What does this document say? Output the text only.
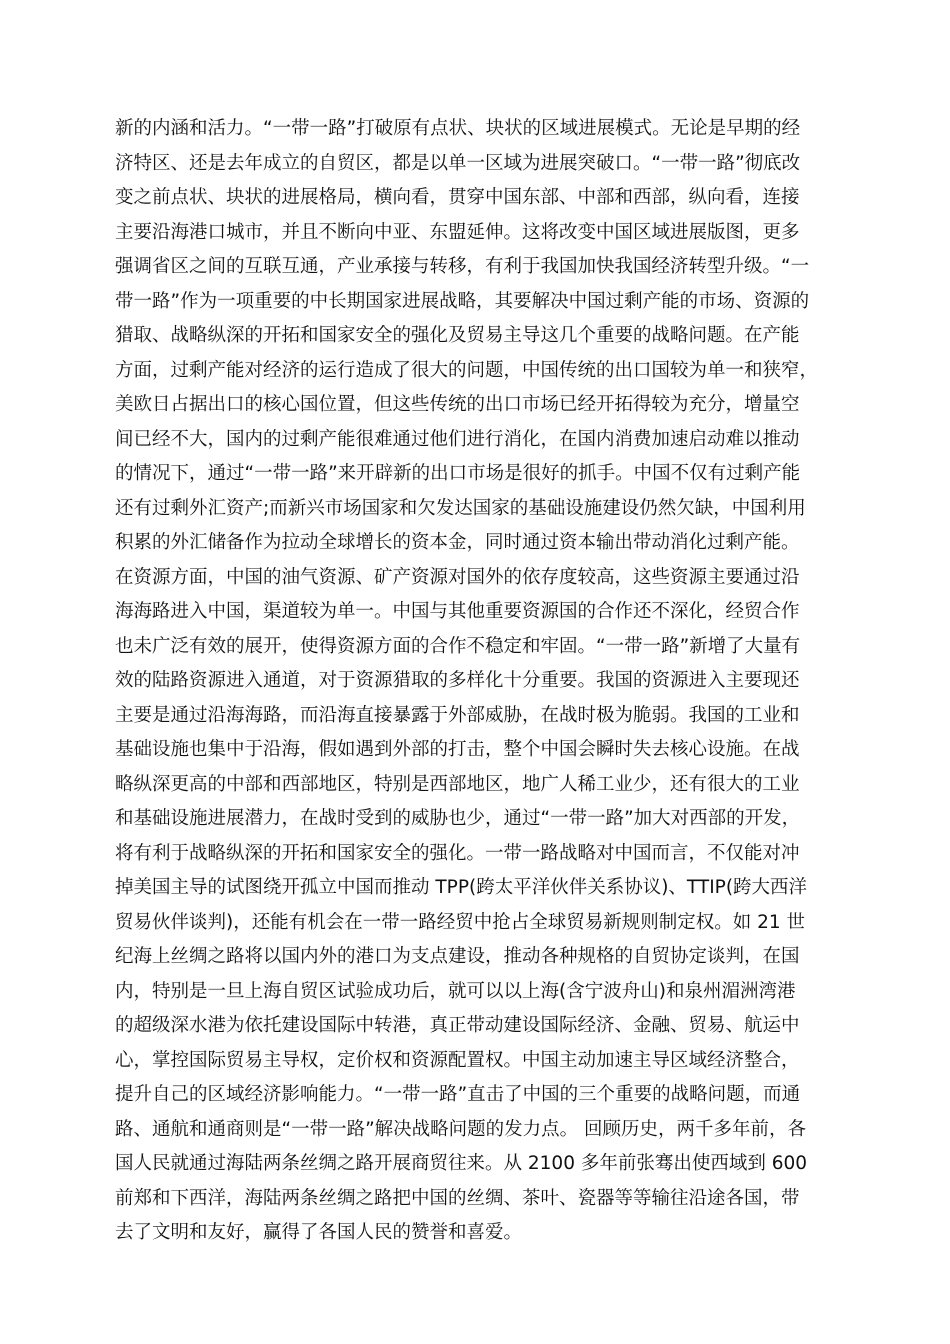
新的内涵和活力。“一带一路”打破原有点状、块状的区域进展模式。无论是早期的经
济特区、还是去年成立的自贸区，都是以单一区域为进展突破口。“一带一路”彻底改
变之前点状、块状的进展格局，横向看，贯穿中国东部、中部和西部，纵向看，连接
主要沿海港口城市，并且不断向中亚、东盟延伸。这将改变中国区域进展版图，更多
强调省区之间的互联互通，产业承接与转移，有利于我国加快我国经济转型升级。“一
带一路”作为一项重要的中长期国家进展战略，其要解决中国过剩产能的市场、资源的
猎取、战略纵深的开拓和国家安全的强化及贸易主导这几个重要的战略问题。在产能
方面，过剩产能对经济的运行造成了很大的问题，中国传统的出口国较为单一和狭窄，
美欧日占据出口的核心国位置，但这些传统的出口市场已经开拓得较为充分，增量空
间已经不大，国内的过剩产能很难通过他们进行消化，在国内消费加速启动难以推动
的情况下，通过“一带一路”来开辟新的出口市场是很好的抓手。中国不仅有过剩产能
还有过剩外汇资产;而新兴市场国家和欠发达国家的基础设施建设仍然欠缺，中国利用
积累的外汇储备作为拉动全球增长的资本金，同时通过资本输出带动消化过剩产能。
在资源方面，中国的油气资源、矿产资源对国外的依存度较高，这些资源主要通过沿
海海路进入中国，渠道较为单一。中国与其他重要资源国的合作还不深化，经贸合作
也未广泛有效的展开，使得资源方面的合作不稳定和牢固。“一带一路”新增了大量有
效的陆路资源进入通道，对于资源猎取的多样化十分重要。我国的资源进入主要现还
主要是通过沿海海路，而沿海直接暴露于外部威胁，在战时极为脆弱。我国的工业和
基础设施也集中于沿海，假如遇到外部的打击，整个中国会瞬时失去核心设施。在战
略纵深更高的中部和西部地区，特别是西部地区，地广人稀工业少，还有很大的工业
和基础设施进展潜力，在战时受到的威胁也少，通过“一带一路”加大对西部的开发，
将有利于战略纵深的开拓和国家安全的强化。一带一路战略对中国而言，不仅能对冲
掉美国主导的试图绕开孤立中国而推动 TPP(跨太平洋伙伴关系协议)、TTIP(跨大西洋
贸易伙伴谈判)，还能有机会在一带一路经贸中抢占全球贸易新规则制定权。如 21 世
纪海上丝绸之路将以国内外的港口为支点建设，推动各种规格的自贸协定谈判，在国
内，特别是一旦上海自贸区试验成功后，就可以以上海(含宁波舟山)和泉州湄洲湾港
的超级深水港为依托建设国际中转港，真正带动建设国际经济、金融、贸易、航运中
心，掌控国际贸易主导权，定价权和资源配置权。中国主动加速主导区域经济整合，
提升自己的区域经济影响能力。“一带一路”直击了中国的三个重要的战略问题，而通
路、通航和通商则是“一带一路”解决战略问题的发力点。 回顾历史，两千多年前，各
国人民就通过海陆两条丝绸之路开展商贸往来。从 2100 多年前张骞出使西域到 600
前郑和下西洋，海陆两条丝绸之路把中国的丝绸、茶叶、瓷器等等输往沿途各国，带
去了文明和友好，赢得了各国人民的赞誉和喜爱。
